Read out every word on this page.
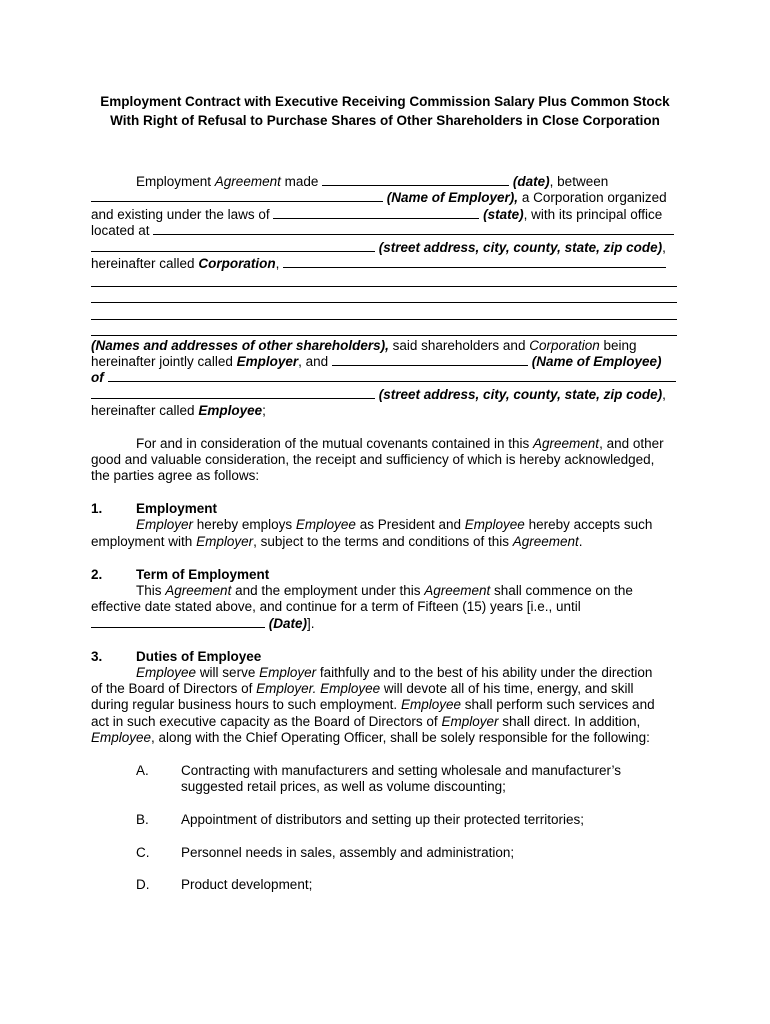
Employment Contract with Executive Receiving Commission Salary Plus Common Stock
With Right of Refusal to Purchase Shares of Other Shareholders in Close Corporation
Employment Agreement made	(date), between
(Name of Employer), a Corporation organized
and existing under the laws of	(state), with its principal office
located at
(street address, city, county, state, zip code),
hereinafter called Corporation,
(Names and addresses of other shareholders), said shareholders and Corporation being
hereinafter jointly called Employer, and	(Name of Employee)
of
(street address, city, county, state, zip code),
hereinafter called Employee;
For and in consideration of the mutual covenants contained in this Agreement, and other
good and valuable consideration, the receipt and sufficiency of which is hereby acknowledged,
the parties agree as follows:
1. Employment
Employer hereby employs Employee as President and Employee hereby accepts such
employment with Employer, subject to the terms and conditions of this Agreement.
2. Term of Employment
This Agreement and the employment under this Agreement shall commence on the
effective date stated above, and continue for a term of Fifteen (15) years [i.e., until
(Date)].
3. Duties of Employee
Employee will serve Employer faithfully and to the best of his ability under the direction
of the Board of Directors of Employer. Employee will devote all of his time, energy, and skill
during regular business hours to such employment. Employee shall perform such services and
act in such executive capacity as the Board of Directors of Employer shall direct. In addition,
Employee, along with the Chief Operating Officer, shall be solely responsible for the following:
A. Contracting with manufacturers and setting wholesale and manufacturer’s
suggested retail prices, as well as volume discounting;
B. Appointment of distributors and setting up their protected territories;
C. Personnel needs in sales, assembly and administration;
D. Product development;
